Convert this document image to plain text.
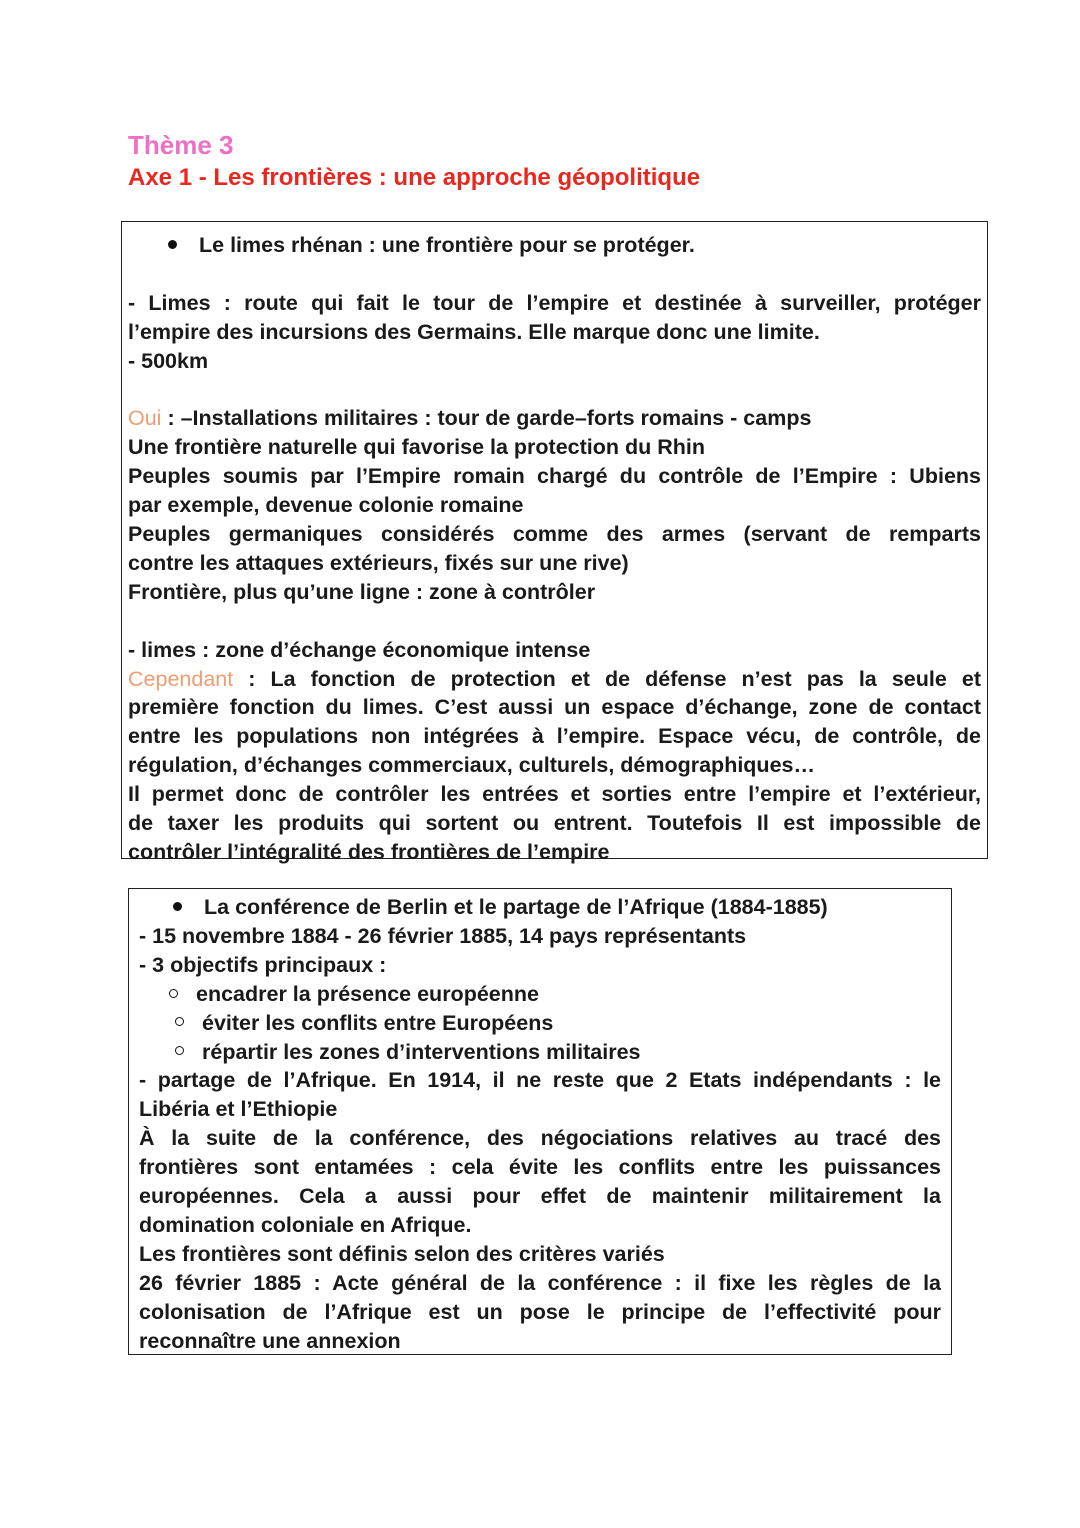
Thème 3
Axe 1 - Les frontières : une approche géopolitique
Le limes rhénan : une frontière pour se protéger.
- Limes : route qui fait le tour de l’empire et destinée à surveiller, protéger
l’empire des incursions des Germains. Elle marque donc une limite.
- 500km
Oui : –Installations militaires : tour de garde–forts romains - camps
Une frontière naturelle qui favorise la protection du Rhin
Peuples soumis par l’Empire romain chargé du contrôle de l’Empire : Ubiens
par exemple, devenue colonie romaine
Peuples germaniques considérés comme des armes (servant de remparts
contre les attaques extérieurs, fixés sur une rive)
Frontière, plus qu’une ligne : zone à contrôler
- limes : zone d’échange économique intense
Cependant : La fonction de protection et de défense n’est pas la seule et
première fonction du limes. C’est aussi un espace d’échange, zone de contact
entre les populations non intégrées à l’empire. Espace vécu, de contrôle, de
régulation, d’échanges commerciaux, culturels, démographiques…
Il permet donc de contrôler les entrées et sorties entre l’empire et l’extérieur,
de taxer les produits qui sortent ou entrent. Toutefois Il est impossible de
contrôler l’intégralité des frontières de l’empire
La conférence de Berlin et le partage de l’Afrique (1884-1885)
- 15 novembre 1884 - 26 février 1885, 14 pays représentants
- 3 objectifs principaux :
encadrer la présence européenne
éviter les conflits entre Européens
répartir les zones d’interventions militaires
- partage de l’Afrique. En 1914, il ne reste que 2 Etats indépendants : le
Libéria et l’Ethiopie
À la suite de la conférence, des négociations relatives au tracé des
frontières sont entamées : cela évite les conflits entre les puissances
européennes. Cela a aussi pour effet de maintenir militairement la
domination coloniale en Afrique.
Les frontières sont définis selon des critères variés
26 février 1885 : Acte général de la conférence : il fixe les règles de la
colonisation de l’Afrique est un pose le principe de l’effectivité pour
reconnaître une annexion
